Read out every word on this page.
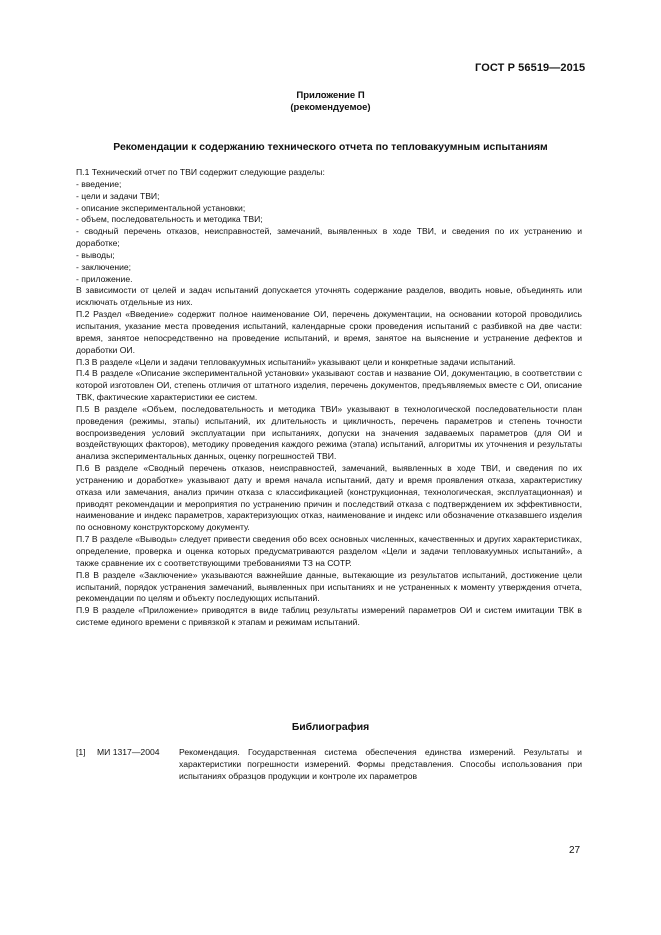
ГОСТ Р 56519—2015
Приложение П
(рекомендуемое)
Рекомендации к содержанию технического отчета по тепловакуумным испытаниям

П.1 Технический отчет по ТВИ содержит следующие разделы:

- введение;

- цели и задачи ТВИ;

- описание экспериментальной установки;

- объем, последовательность и методика ТВИ;

- сводный перечень отказов, неисправностей, замечаний, выявленных в ходе ТВИ, и сведения по их устранению и доработке;

- выводы;

- заключение;

- приложение.

В зависимости от целей и задач испытаний допускается уточнять содержание разделов, вводить новые, объединять или исключать отдельные из них.

П.2 Раздел «Введение» содержит полное наименование ОИ, перечень документации, на основании которой проводились испытания, указание места проведения испытаний, календарные сроки проведения испытаний с разбивкой на две части: время, занятое непосредственно на проведение испытаний, и время, занятое на выяснение и устранение дефектов и доработки ОИ.

П.3 В разделе «Цели и задачи тепловакуумных испытаний» указывают цели и конкретные задачи испытаний.

П.4 В разделе «Описание экспериментальной установки» указывают состав и название ОИ, документацию, в соответствии с которой изготовлен ОИ, степень отличия от штатного изделия, перечень документов, предъявляемых вместе с ОИ, описание ТВК, фактические характеристики ее систем.

П.5 В разделе «Объем, последовательность и методика ТВИ» указывают в технологической последовательности план проведения (режимы, этапы) испытаний, их длительность и цикличность, перечень параметров и степень точности воспроизведения условий эксплуатации при испытаниях, допуски на значения задаваемых параметров (для ОИ и воздействующих факторов), методику проведения каждого режима (этапа) испытаний, алгоритмы их уточнения и результаты анализа экспериментальных данных, оценку погрешностей ТВИ.

П.6 В разделе «Сводный перечень отказов, неисправностей, замечаний, выявленных в ходе ТВИ, и сведения по их устранению и доработке» указывают дату и время начала испытаний, дату и время проявления отказа, характеристику отказа или замечания, анализ причин отказа с классификацией (конструкционная, технологическая, эксплуатационная) и приводят рекомендации и мероприятия по устранению причин и последствий отказа с подтверждением их эффективности, наименование и индекс параметров, характеризующих отказ, наименование и индекс или обозначение отказавшего изделия по основному конструкторскому документу.

П.7 В разделе «Выводы» следует привести сведения обо всех основных численных, качественных и других характеристиках, определение, проверка и оценка которых предусматриваются разделом «Цели и задачи тепловакуумных испытаний», а также сравнение их с соответствующими требованиями ТЗ на СОТР.

П.8 В разделе «Заключение» указываются важнейшие данные, вытекающие из результатов испытаний, достижение цели испытаний, порядок устранения замечаний, выявленных при испытаниях и не устраненных к моменту утверждения отчета, рекомендации по целям и объекту последующих испытаний.

П.9 В разделе «Приложение» приводятся в виде таблиц результаты измерений параметров ОИ и систем имитации ТВК в системе единого времени с привязкой к этапам и режимам испытаний.

Библиография
[1] МИ 1317—2004 Рекомендация. Государственная система обеспечения единства измерений. Результаты и характеристики погрешности измерений. Формы представления. Способы использования при испытаниях образцов продукции и контроле их параметров
27
